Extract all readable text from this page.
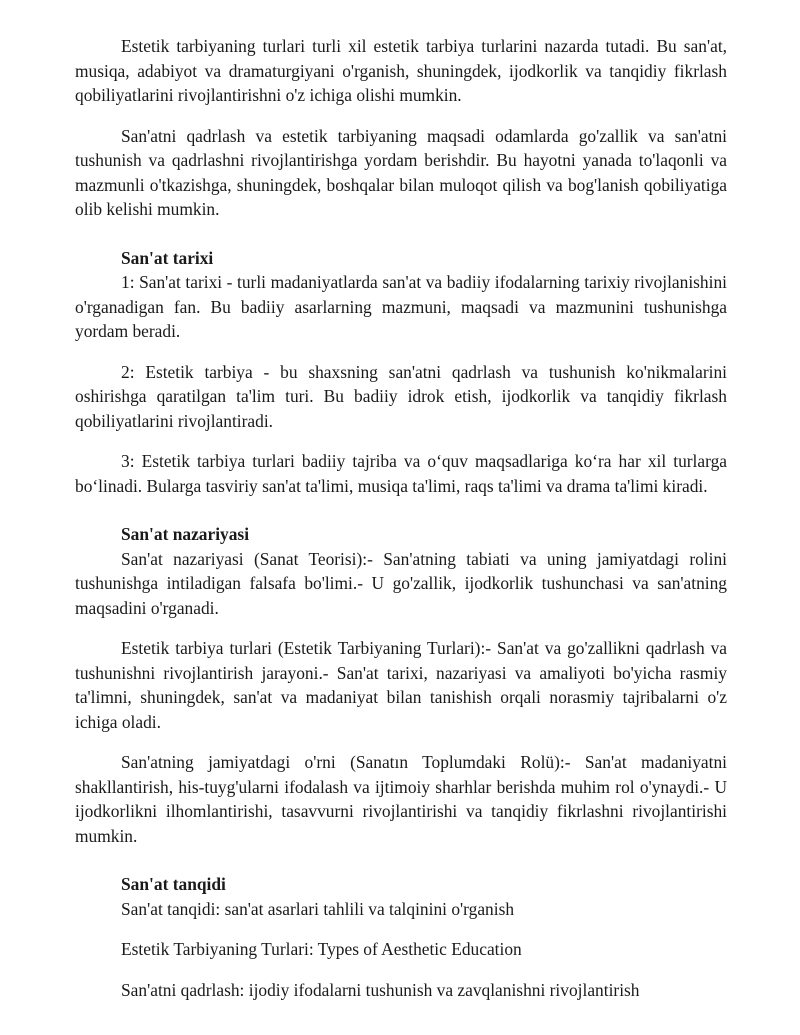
Estetik tarbiyaning turlari turli xil estetik tarbiya turlarini nazarda tutadi. Bu san'at, musiqa, adabiyot va dramaturgiyani o'rganish, shuningdek, ijodkorlik va tanqidiy fikrlash qobiliyatlarini rivojlantirishni o'z ichiga olishi mumkin.

San'atni qadrlash va estetik tarbiyaning maqsadi odamlarda go'zallik va san'atni tushunish va qadrlashni rivojlantirishga yordam berishdir. Bu hayotni yanada to'laqonli va mazmunli o'tkazishga, shuningdek, boshqalar bilan muloqot qilish va bog'lanish qobiliyatiga olib kelishi mumkin.

San'at tarixi

1: San'at tarixi - turli madaniyatlarda san'at va badiiy ifodalarning tarixiy rivojlanishini o'rganadigan fan. Bu badiiy asarlarning mazmuni, maqsadi va mazmunini tushunishga yordam beradi.

2: Estetik tarbiya - bu shaxsning san'atni qadrlash va tushunish ko'nikmalarini oshirishga qaratilgan ta'lim turi. Bu badiiy idrok etish, ijodkorlik va tanqidiy fikrlash qobiliyatlarini rivojlantiradi.

3: Estetik tarbiya turlari badiiy tajriba va o‘quv maqsadlariga ko‘ra har xil turlarga bo‘linadi. Bularga tasviriy san'at ta'limi, musiqa ta'limi, raqs ta'limi va drama ta'limi kiradi.

San'at nazariyasi

San'at nazariyasi (Sanat Teorisi):- San'atning tabiati va uning jamiyatdagi rolini tushunishga intiladigan falsafa bo'limi.- U go'zallik, ijodkorlik tushunchasi va san'atning maqsadini o'rganadi.

Estetik tarbiya turlari (Estetik Tarbiyaning Turlari):- San'at va go'zallikni qadrlash va tushunishni rivojlantirish jarayoni.- San'at tarixi, nazariyasi va amaliyoti bo'yicha rasmiy ta'limni, shuningdek, san'at va madaniyat bilan tanishish orqali norasmiy tajribalarni o'z ichiga oladi.

San'atning jamiyatdagi o'rni (Sanatın Toplumdaki Rolü):- San'at madaniyatni shakllantirish, his-tuyg'ularni ifodalash va ijtimoiy sharhlar berishda muhim rol o'ynaydi.- U ijodkorlikni ilhomlantirishi, tasavvurni rivojlantirishi va tanqidiy fikrlashni rivojlantirishi mumkin.

San'at tanqidi

San'at tanqidi: san'at asarlari tahlili va talqinini o'rganish

Estetik Tarbiyaning Turlari: Types of Aesthetic Education

San'atni qadrlash: ijodiy ifodalarni tushunish va zavqlanishni rivojlantirish
